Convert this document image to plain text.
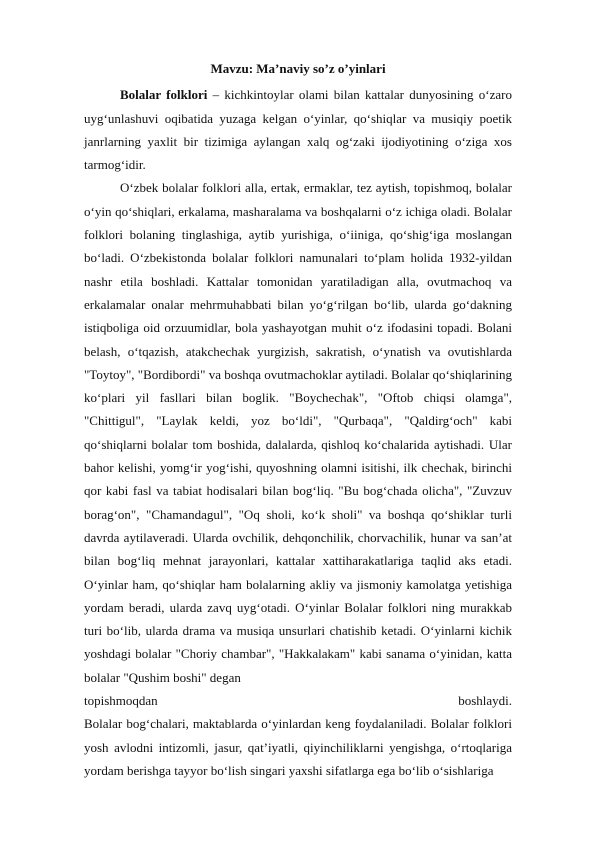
Mavzu: Ma’naviy so’z o’yinlari

Bolalar folklori – kichkintoylar olami bilan kattalar dunyosining o‘zaro uyg‘unlashuvi oqibatida yuzaga kelgan o‘yinlar, qo‘shiqlar va musiqiy poetik janrlarning yaxlit bir tizimiga aylangan xalq og‘zaki ijodiyotining o‘ziga xos tarmog‘idir.

O‘zbek bolalar folklori alla, ertak, ermaklar, tez aytish, topishmoq, bolalar o‘yin qo‘shiqlari, erkalama, masharalama va boshqalarni o‘z ichiga oladi. Bolalar folklori bolaning tinglashiga, aytib yurishiga, o‘iiniga, qo‘shig‘iga moslangan bo‘ladi. O‘zbekistonda bolalar folklori namunalari to‘plam holida 1932-yildan nashr etila boshladi. Kattalar tomonidan yaratiladigan alla, ovutmachoq va erkalamalar onalar mehrmuhabbati bilan yo‘g‘rilgan bo‘lib, ularda go‘dakning istiqboliga oid orzuumidlar, bola yashayotgan muhit o‘z ifodasini topadi. Bolani belash, o‘tqazish, atakchechak yurgizish, sakratish, o‘ynatish va ovutishlarda "Toytoy", "Bordibordi" va boshqa ovutmachoklar aytiladi. Bolalar qo‘shiqlarining ko‘plari yil fasllari bilan boglik. "Boychechak", "Oftob chiqsi olamga", "Chittigul", "Laylak keldi, yoz bo‘ldi", "Qurbaqa", "Qaldirg‘och" kabi qo‘shiqlarni bolalar tom boshida, dalalarda, qishloq ko‘chalarida aytishadi. Ular bahor kelishi, yomg‘ir yog‘ishi, quyoshning olamni isitishi, ilk chechak, birinchi qor kabi fasl va tabiat hodisalari bilan bog‘liq. "Bu bog‘chada olicha", "Zuvzuv borag‘on", "Chamandagul", "Oq sholi, ko‘k sholi" va boshqa qo‘shiklar turli davrda aytilaveradi. Ularda ovchilik, dehqonchilik, chorvachilik, hunar va san’at bilan bog‘liq mehnat jarayonlari, kattalar xattiharakatlariga taqlid aks etadi. O‘yinlar ham, qo‘shiqlar ham bolalarning akliy va jismoniy kamolatga yetishiga yordam beradi, ularda zavq uyg‘otadi. O‘yinlar Bolalar folklori ning murakkab turi bo‘lib, ularda drama va musiqa unsurlari chatishib ketadi. O‘yinlarni kichik yoshdagi bolalar "Choriy chambar", "Hakkalakam" kabi sanama o‘yinidan, katta bolalar "Qushim boshi" degan

topishmoqdan	boshlaydi.

Bolalar bog‘chalari, maktablarda o‘yinlardan keng foydalaniladi. Bolalar folklori yosh avlodni intizomli, jasur, qat’iyatli, qiyinchiliklarni yengishga, o‘rtoqlariga yordam berishga tayyor bo‘lish singari yaxshi sifatlarga ega bo‘lib o‘sishlariga
